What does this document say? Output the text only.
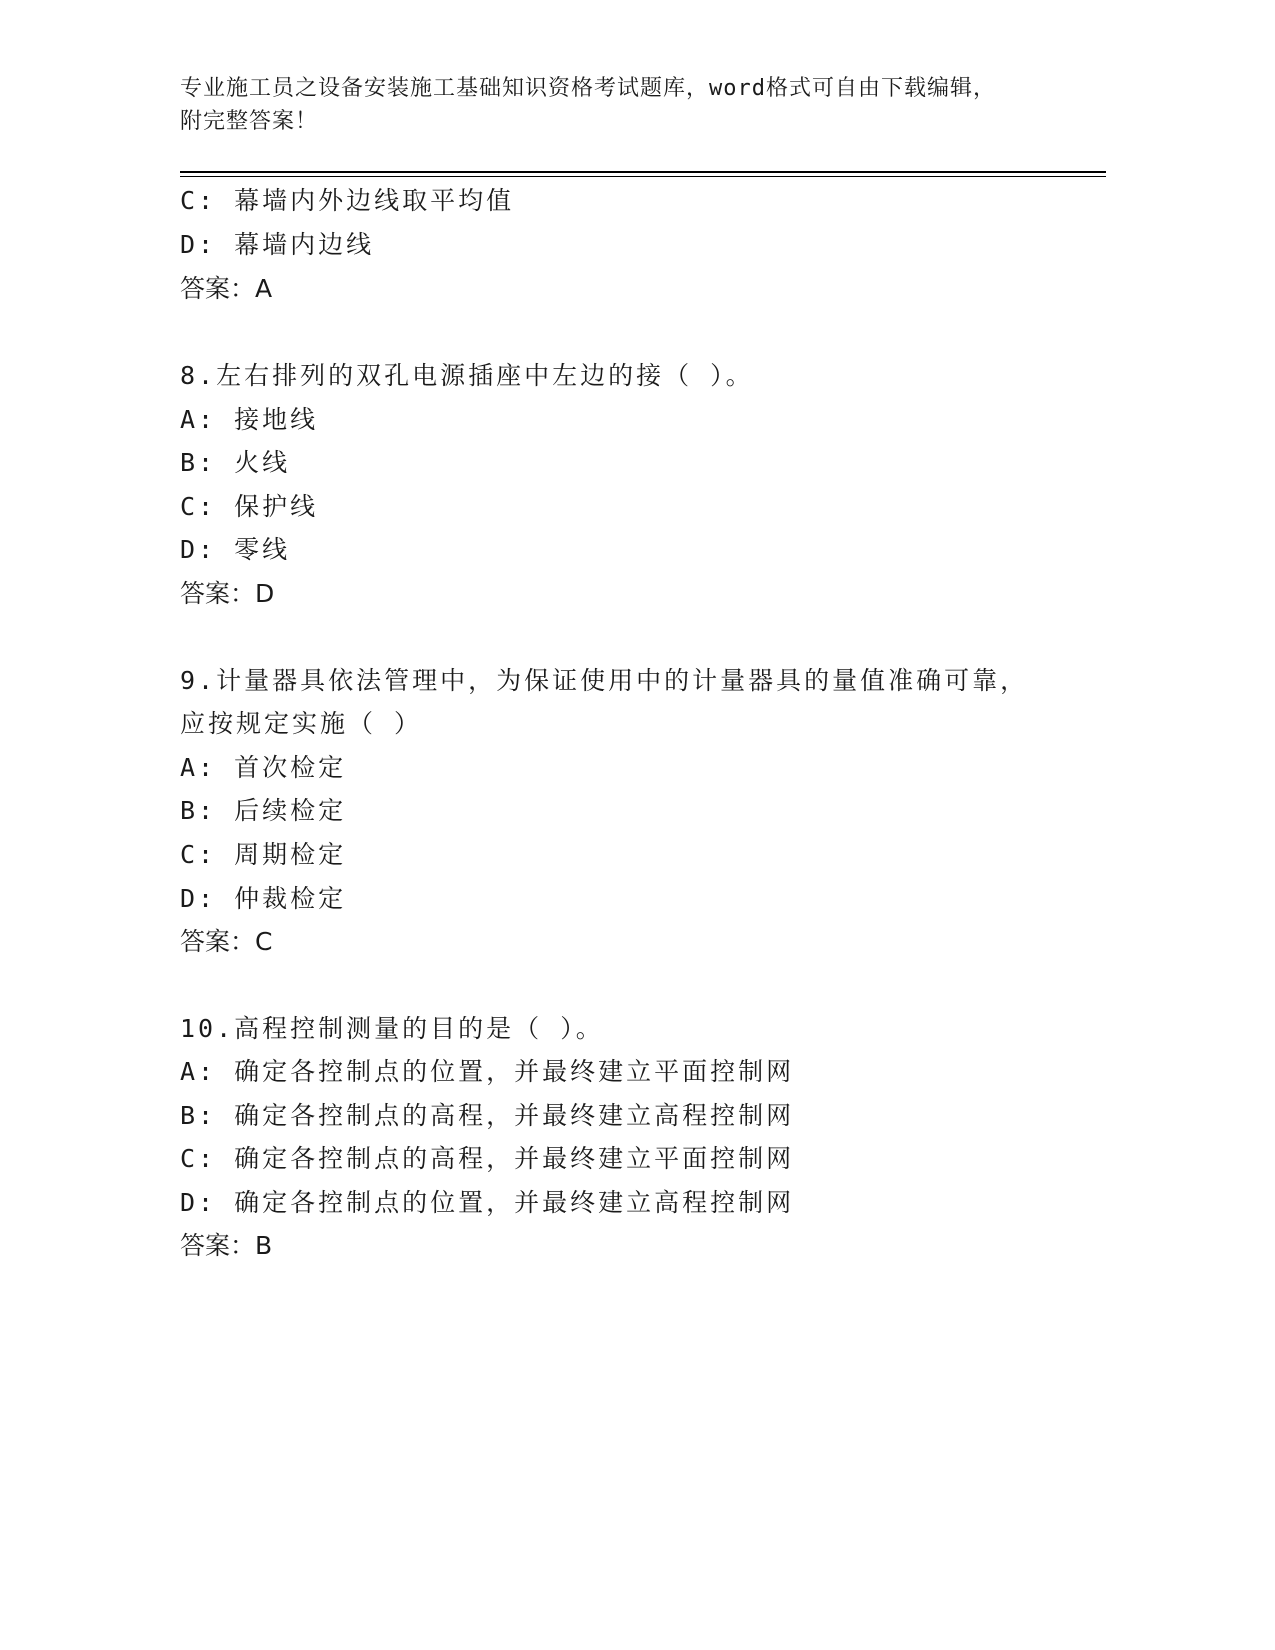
专业施工员之设备安装施工基础知识资格考试题库，word格式可自由下载编辑，
附完整答案！
C: 幕墙内外边线取平均值
D: 幕墙内边线
答案：A
8.左右排列的双孔电源插座中左边的接（ ）。
A: 接地线
B: 火线
C: 保护线
D: 零线
答案：D
9.计量器具依法管理中，为保证使用中的计量器具的量值准确可靠，
应按规定实施（ ）
A: 首次检定
B: 后续检定
C: 周期检定
D: 仲裁检定
答案：C
10.高程控制测量的目的是（ ）。
A: 确定各控制点的位置，并最终建立平面控制网
B: 确定各控制点的高程，并最终建立高程控制网
C: 确定各控制点的高程，并最终建立平面控制网
D: 确定各控制点的位置，并最终建立高程控制网
答案：B
